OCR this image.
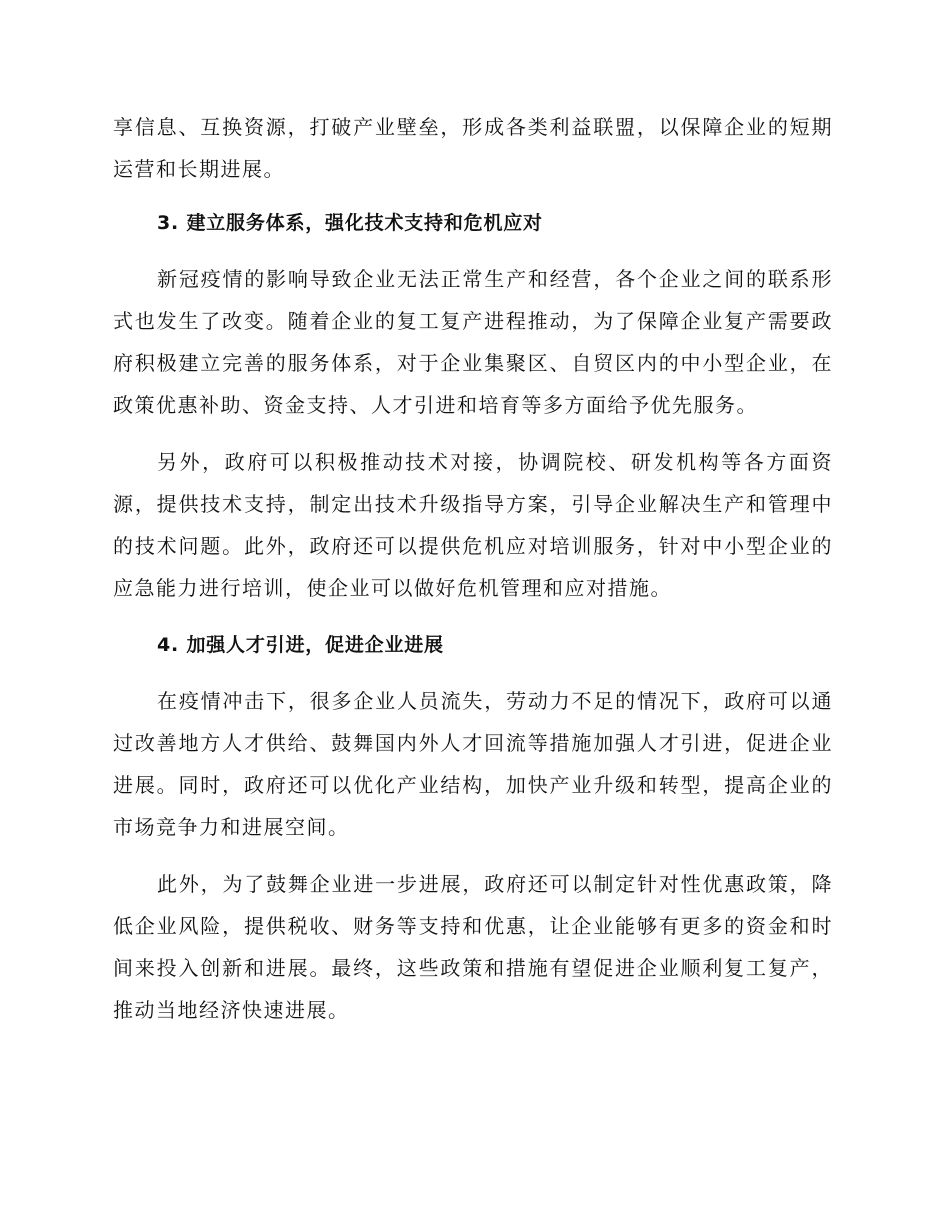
享信息、互换资源，打破产业壁垒，形成各类利益联盟，以保障企业的短期运营和长期进展。

3. 建立服务体系，强化技术支持和危机应对

新冠疫情的影响导致企业无法正常生产和经营，各个企业之间的联系形式也发生了改变。随着企业的复工复产进程推动，为了保障企业复产需要政府积极建立完善的服务体系，对于企业集聚区、自贸区内的中小型企业，在政策优惠补助、资金支持、人才引进和培育等多方面给予优先服务。

另外，政府可以积极推动技术对接，协调院校、研发机构等各方面资源，提供技术支持，制定出技术升级指导方案，引导企业解决生产和管理中的技术问题。此外，政府还可以提供危机应对培训服务，针对中小型企业的应急能力进行培训，使企业可以做好危机管理和应对措施。

4. 加强人才引进，促进企业进展

在疫情冲击下，很多企业人员流失，劳动力不足的情况下，政府可以通过改善地方人才供给、鼓舞国内外人才回流等措施加强人才引进，促进企业进展。同时，政府还可以优化产业结构，加快产业升级和转型，提高企业的市场竞争力和进展空间。

此外，为了鼓舞企业进一步进展，政府还可以制定针对性优惠政策，降低企业风险，提供税收、财务等支持和优惠，让企业能够有更多的资金和时间来投入创新和进展。最终，这些政策和措施有望促进企业顺利复工复产，推动当地经济快速进展。
